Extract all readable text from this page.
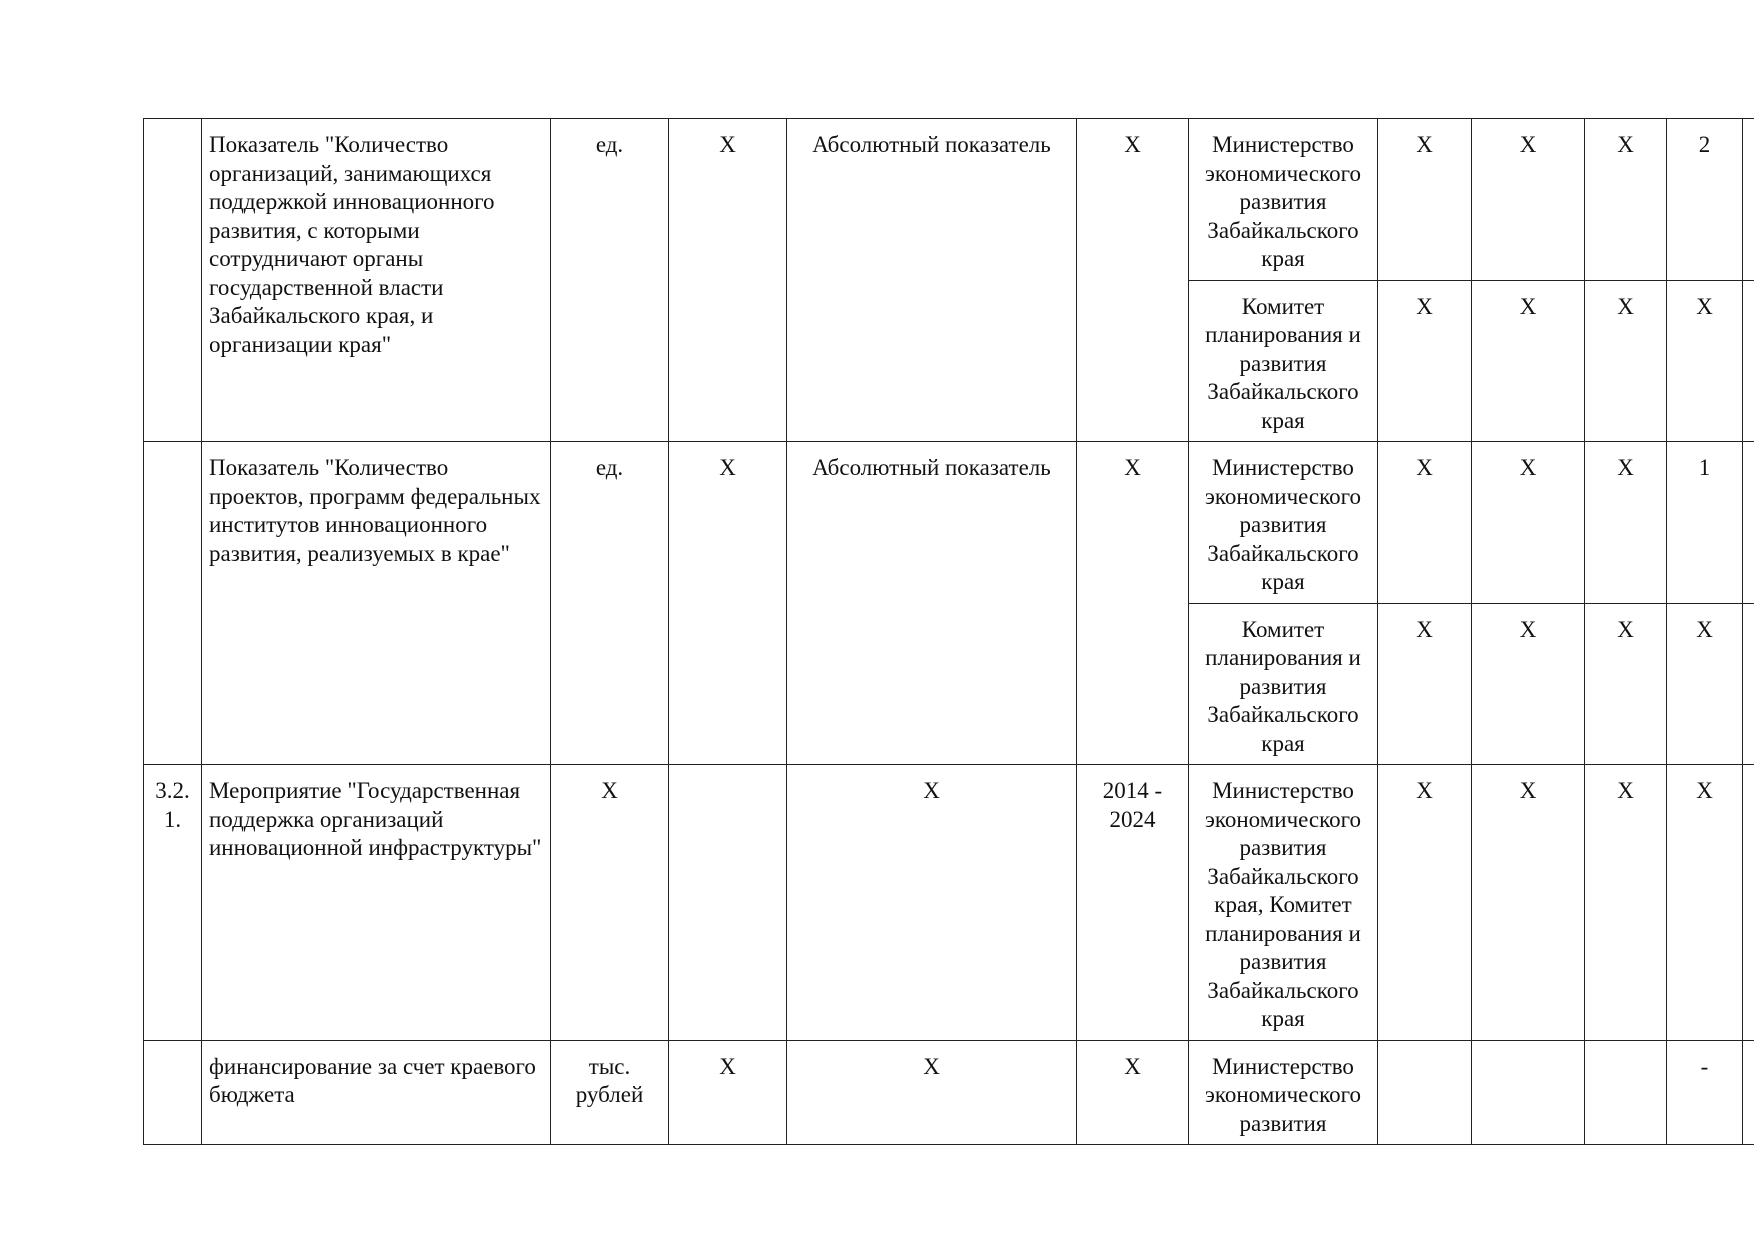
	Показатель "Количество организаций, занимающихся поддержкой инновационного развития, с которыми сотрудничают органы государственной власти Забайкальского края, и организации края"	ед.	X	Абсолютный показатель	X	Министерство экономического развития Забайкальского края	X	X	X	2	
						Комитет планирования и развития Забайкальского края	X	X	X	X	
	Показатель "Количество проектов, программ федеральных институтов инновационного развития, реализуемых в крае"	ед.	X	Абсолютный показатель	X	Министерство экономического развития Забайкальского края	X	X	X	1	
						Комитет планирования и развития Забайкальского края	X	X	X	X	
3.2. 1.	Мероприятие "Государственная поддержка организаций инновационной инфраструктуры"	X		X	2014 - 2024	Министерство экономического развития Забайкальского края, Комитет планирования и развития Забайкальского края	X	X	X	X	
	финансирование за счет краевого бюджета	тыс. рублей	X	X	X	Министерство экономического развития				-	
